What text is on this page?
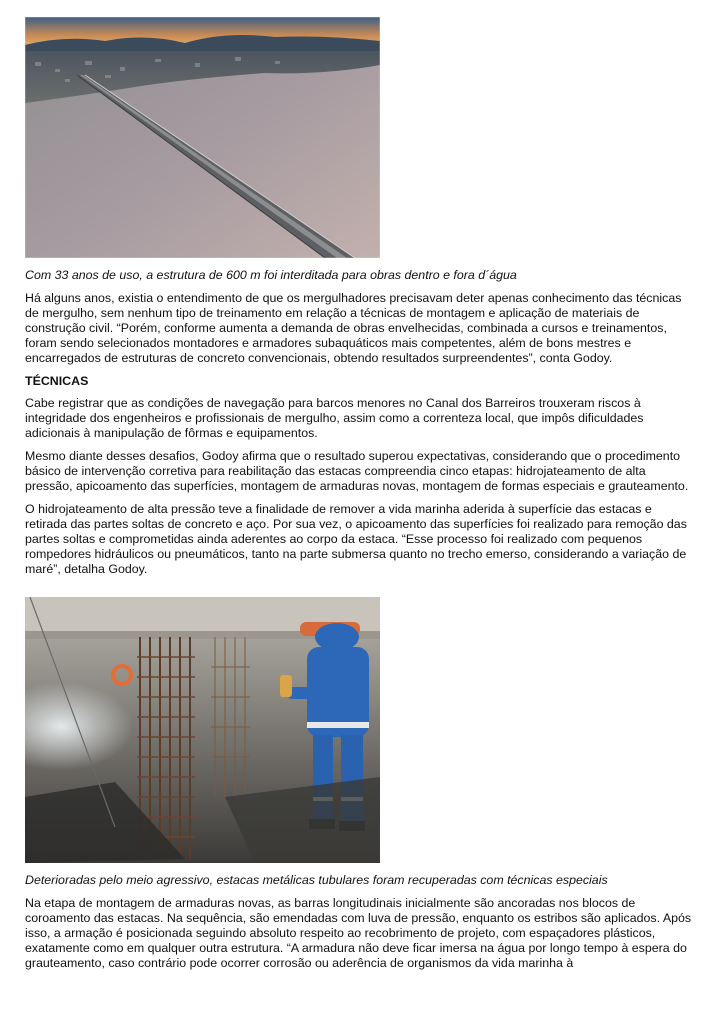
Com 33 anos de uso, a estrutura de 600 m foi interditada para obras dentro e fora d´água

Há alguns anos, existia o entendimento de que os mergulhadores precisavam deter apenas conhecimento das técnicas de mergulho, sem nenhum tipo de treinamento em relação a técnicas de montagem e aplicação de materiais de construção civil. “Porém, conforme aumenta a demanda de obras envelhecidas, combinada a cursos e treinamentos, foram sendo selecionados montadores e armadores subaquáticos mais competentes, além de bons mestres e encarregados de estruturas de concreto convencionais, obtendo resultados surpreendentes”, conta Godoy.

TÉCNICAS

Cabe registrar que as condições de navegação para barcos menores no Canal dos Barreiros trouxeram riscos à integridade dos engenheiros e profissionais de mergulho, assim como a correnteza local, que impôs dificuldades adicionais à manipulação de fôrmas e equipamentos.

Mesmo diante desses desafios, Godoy afirma que o resultado superou expectativas, considerando que o procedimento básico de intervenção corretiva para reabilitação das estacas compreendia cinco etapas: hidrojateamento de alta pressão, apicoamento das superfícies, montagem de armaduras novas, montagem de formas especiais e grauteamento.

O hidrojateamento de alta pressão teve a finalidade de remover a vida marinha aderida à superfície das estacas e retirada das partes soltas de concreto e aço. Por sua vez, o apicoamento das superfícies foi realizado para remoção das partes soltas e comprometidas ainda aderentes ao corpo da estaca. “Esse processo foi realizado com pequenos rompedores hidráulicos ou pneumáticos, tanto na parte submersa quanto no trecho emerso, considerando a variação de maré”, detalha Godoy.

Deterioradas pelo meio agressivo, estacas metálicas tubulares foram recuperadas com técnicas especiais

Na etapa de montagem de armaduras novas, as barras longitudinais inicialmente são ancoradas nos blocos de coroamento das estacas. Na sequência, são emendadas com luva de pressão, enquanto os estribos são aplicados. Após isso, a armação é posicionada seguindo absoluto respeito ao recobrimento de projeto, com espaçadores plásticos, exatamente como em qualquer outra estrutura. “A armadura não deve ficar imersa na água por longo tempo à espera do grauteamento, caso contrário pode ocorrer corrosão ou aderência de organismos da vida marinha à
